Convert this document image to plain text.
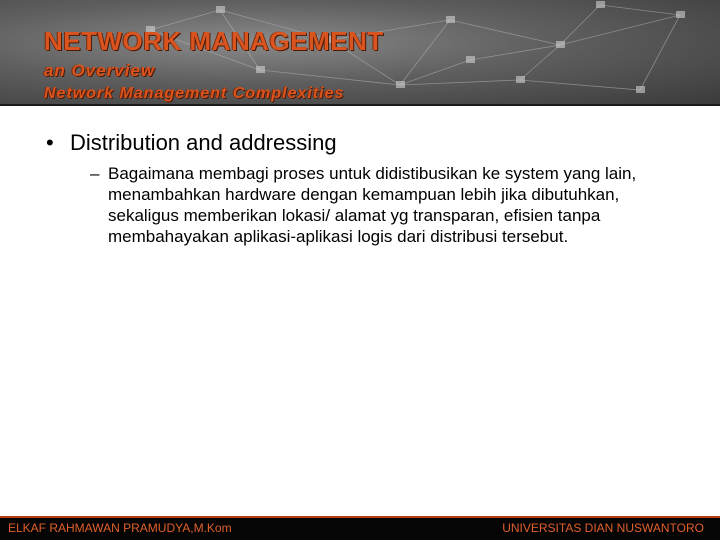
NETWORK MANAGEMENT

an Overview

Network Management Complexities

• Distribution and addressing
– Bagaimana membagi proses untuk didistibusikan ke system yang lain, menambahkan hardware dengan kemampuan lebih jika dibutuhkan, sekaligus memberikan lokasi/ alamat yg transparan, efisien tanpa membahayakan aplikasi-aplikasi logis dari distribusi tersebut.
ELKAF RAHMAWAN PRAMUDYA,M.Kom	UNIVERSITAS DIAN NUSWANTORO
